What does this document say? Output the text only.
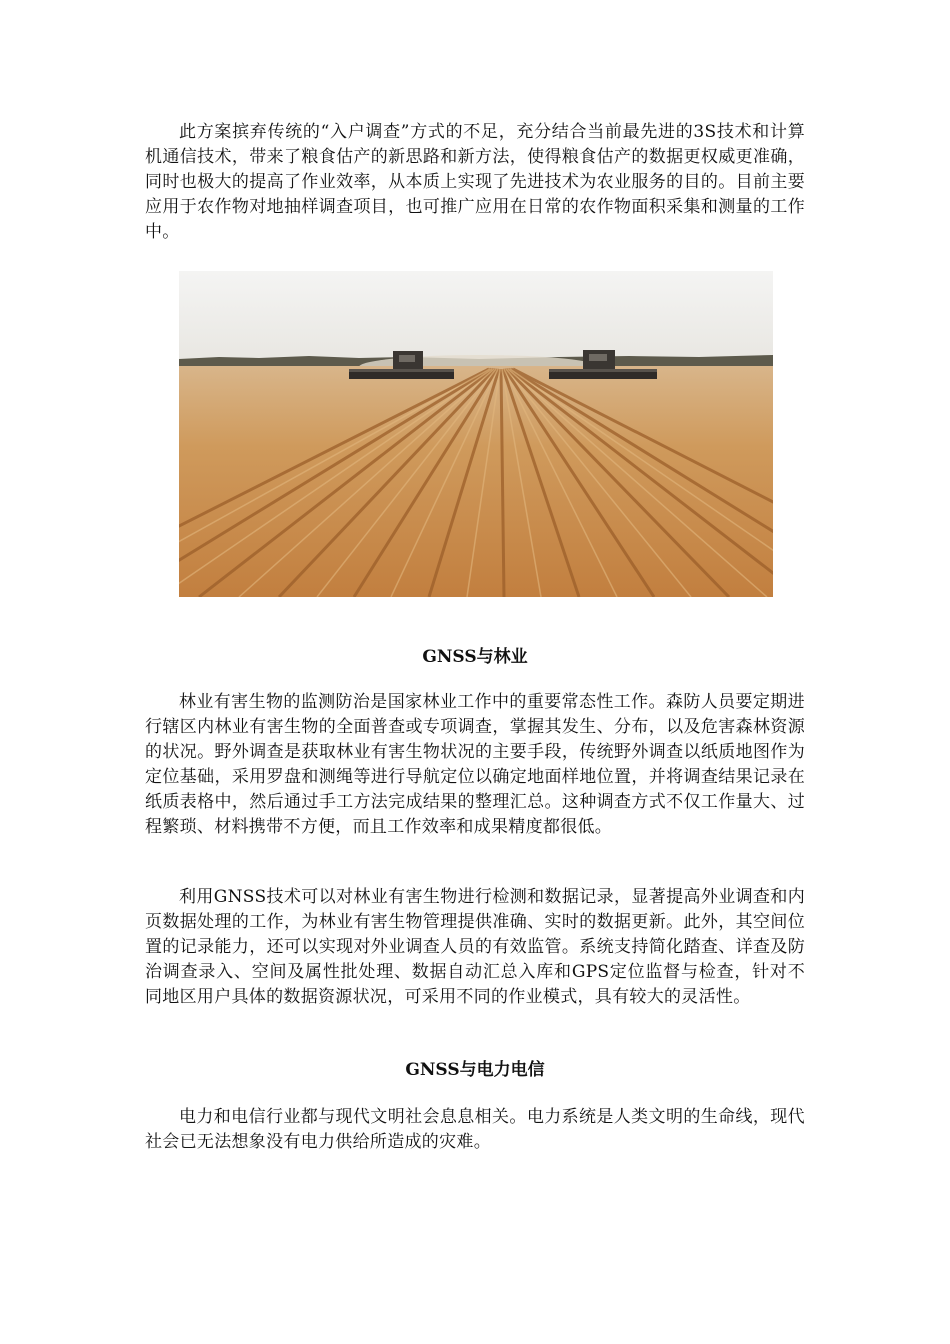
此方案摈弃传统的“入户调查”方式的不足，充分结合当前最先进的3S技术和计算机通信技术，带来了粮食估产的新思路和新方法，使得粮食估产的数据更权威更准确，同时也极大的提高了作业效率，从本质上实现了先进技术为农业服务的目的。目前主要应用于农作物对地抽样调查项目，也可推广应用在日常的农作物面积采集和测量的工作中。

GNSS与林业

林业有害生物的监测防治是国家林业工作中的重要常态性工作。森防人员要定期进行辖区内林业有害生物的全面普查或专项调查，掌握其发生、分布，以及危害森林资源的状况。野外调查是获取林业有害生物状况的主要手段，传统野外调查以纸质地图作为定位基础，采用罗盘和测绳等进行导航定位以确定地面样地位置，并将调查结果记录在纸质表格中，然后通过手工方法完成结果的整理汇总。这种调查方式不仅工作量大、过程繁琐、材料携带不方便，而且工作效率和成果精度都很低。

利用GNSS技术可以对林业有害生物进行检测和数据记录，显著提高外业调查和内页数据处理的工作，为林业有害生物管理提供准确、实时的数据更新。此外，其空间位置的记录能力，还可以实现对外业调查人员的有效监管。系统支持简化踏查、详查及防治调查录入、空间及属性批处理、数据自动汇总入库和GPS定位监督与检查，针对不同地区用户具体的数据资源状况，可采用不同的作业模式，具有较大的灵活性。

GNSS与电力电信

电力和电信行业都与现代文明社会息息相关。电力系统是人类文明的生命线，现代社会已无法想象没有电力供给所造成的灾难。
